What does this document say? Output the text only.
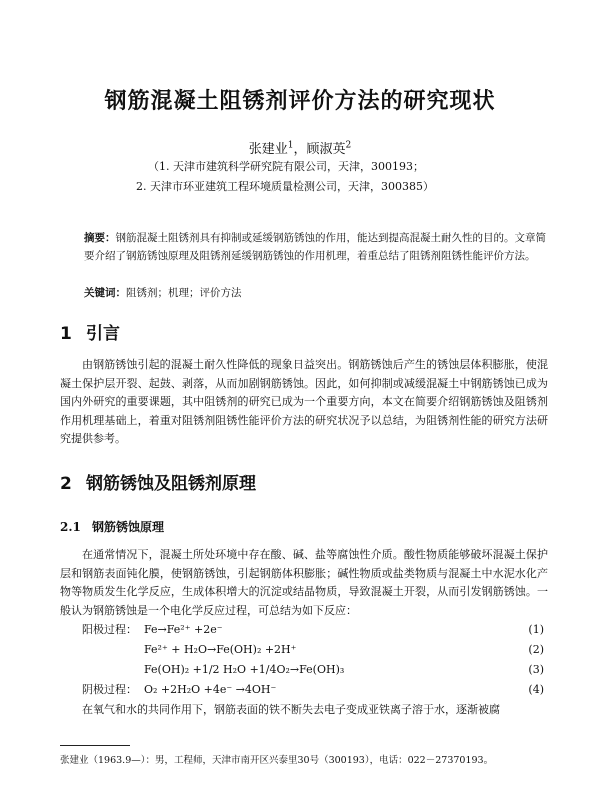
钢筋混凝土阻锈剂评价方法的研究现状
张建业$^1$，顾淑英$^2$
（1. 天津市建筑科学研究院有限公司，天津，300193；
2. 天津市环亚建筑工程环境质量检测公司，天津，300385）
摘要：钢筋混凝土阻锈剂具有抑制或延缓钢筋锈蚀的作用，能达到提高混凝土耐久性的目的。文章简要介绍了钢筋锈蚀原理及阻锈剂延缓钢筋锈蚀的作用机理，着重总结了阻锈剂阻锈性能评价方法。
关键词：阻锈剂；机理；评价方法
1 引言
由钢筋锈蚀引起的混凝土耐久性降低的现象日益突出。钢筋锈蚀后产生的锈蚀层体积膨胀，使混凝土保护层开裂、起鼓、剥落，从而加剧钢筋锈蚀。因此，如何抑制或减缓混凝土中钢筋锈蚀已成为国内外研究的重要课题，其中阻锈剂的研究已成为一个重要方向，本文在简要介绍钢筋锈蚀及阻锈剂作用机理基础上，着重对阻锈剂阻锈性能评价方法的研究状况予以总结，为阻锈剂性能的研究方法研究提供参考。
2 钢筋锈蚀及阻锈剂原理
2.1 钢筋锈蚀原理
在通常情况下，混凝土所处环境中存在酸、碱、盐等腐蚀性介质。酸性物质能够破坏混凝土保护层和钢筋表面钝化膜，使钢筋锈蚀，引起钢筋体积膨胀；碱性物质或盐类物质与混凝土中水泥水化产物等物质发生化学反应，生成体积增大的沉淀或结晶物质，导致混凝土开裂，从而引发钢筋锈蚀。一般认为钢筋锈蚀是一个电化学反应过程，可总结为如下反应：
阳极过程： Fe→Fe²⁺ +2e⁻	(1)
Fe²⁺ + H₂O→Fe(OH)₂ +2H⁺	(2)
Fe(OH)₂ +1/2 H₂O +1/4O₂→Fe(OH)₃	(3)
阴极过程： O₂ +2H₂O +4e⁻ →4OH⁻	(4)
在氧气和水的共同作用下，钢筋表面的铁不断失去电子变成亚铁离子溶于水，逐渐被腐
张建业（1963.9—）：男，工程师，天津市南开区兴泰里30号（300193），电话：022－27370193。
